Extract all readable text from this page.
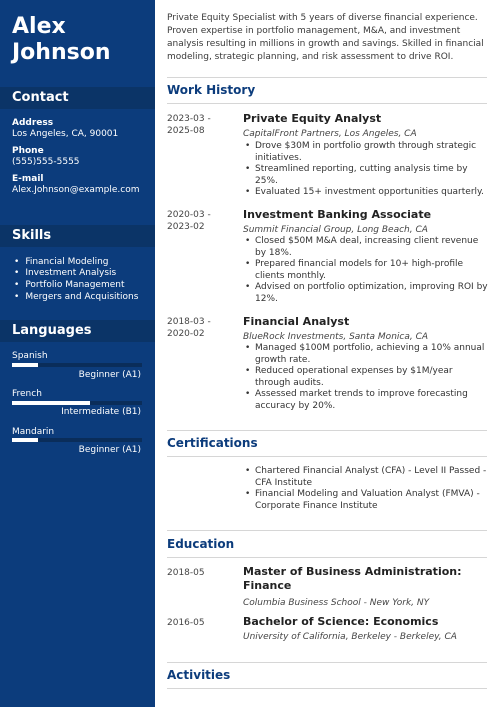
Alex
Johnson
Contact
Address
Los Angeles, CA, 90001
Phone
(555)555-5555
E-mail
Alex.Johnson@example.com
Skills
• Financial Modeling
• Investment Analysis
• Portfolio Management
• Mergers and Acquisitions
Languages
Spanish
Beginner (A1)
French
Intermediate (B1)
Mandarin
Beginner (A1)
Private Equity Specialist with 5 years of diverse financial experience. Proven expertise in portfolio management, M&A, and investment analysis resulting in millions in growth and savings. Skilled in financial modeling, strategic planning, and risk assessment to drive ROI.
Work History
2023-03 -
2025-08
Private Equity Analyst
CapitalFront Partners, Los Angeles, CA
• Drove $30M in portfolio growth through strategic initiatives.
• Streamlined reporting, cutting analysis time by 25%.
• Evaluated 15+ investment opportunities quarterly.
2020-03 -
2023-02
Investment Banking Associate
Summit Financial Group, Long Beach, CA
• Closed $50M M&A deal, increasing client revenue by 18%.
• Prepared financial models for 10+ high-profile clients monthly.
• Advised on portfolio optimization, improving ROI by 12%.
2018-03 -
2020-02
Financial Analyst
BlueRock Investments, Santa Monica, CA
• Managed $100M portfolio, achieving a 10% annual growth rate.
• Reduced operational expenses by $1M/year through audits.
• Assessed market trends to improve forecasting accuracy by 20%.
Certifications
• Chartered Financial Analyst (CFA) - Level II Passed - CFA Institute
• Financial Modeling and Valuation Analyst (FMVA) - Corporate Finance Institute
Education
2018-05	Master of Business Administration: Finance
Columbia Business School - New York, NY
2016-05	Bachelor of Science: Economics
University of California, Berkeley - Berkeley, CA
Activities
